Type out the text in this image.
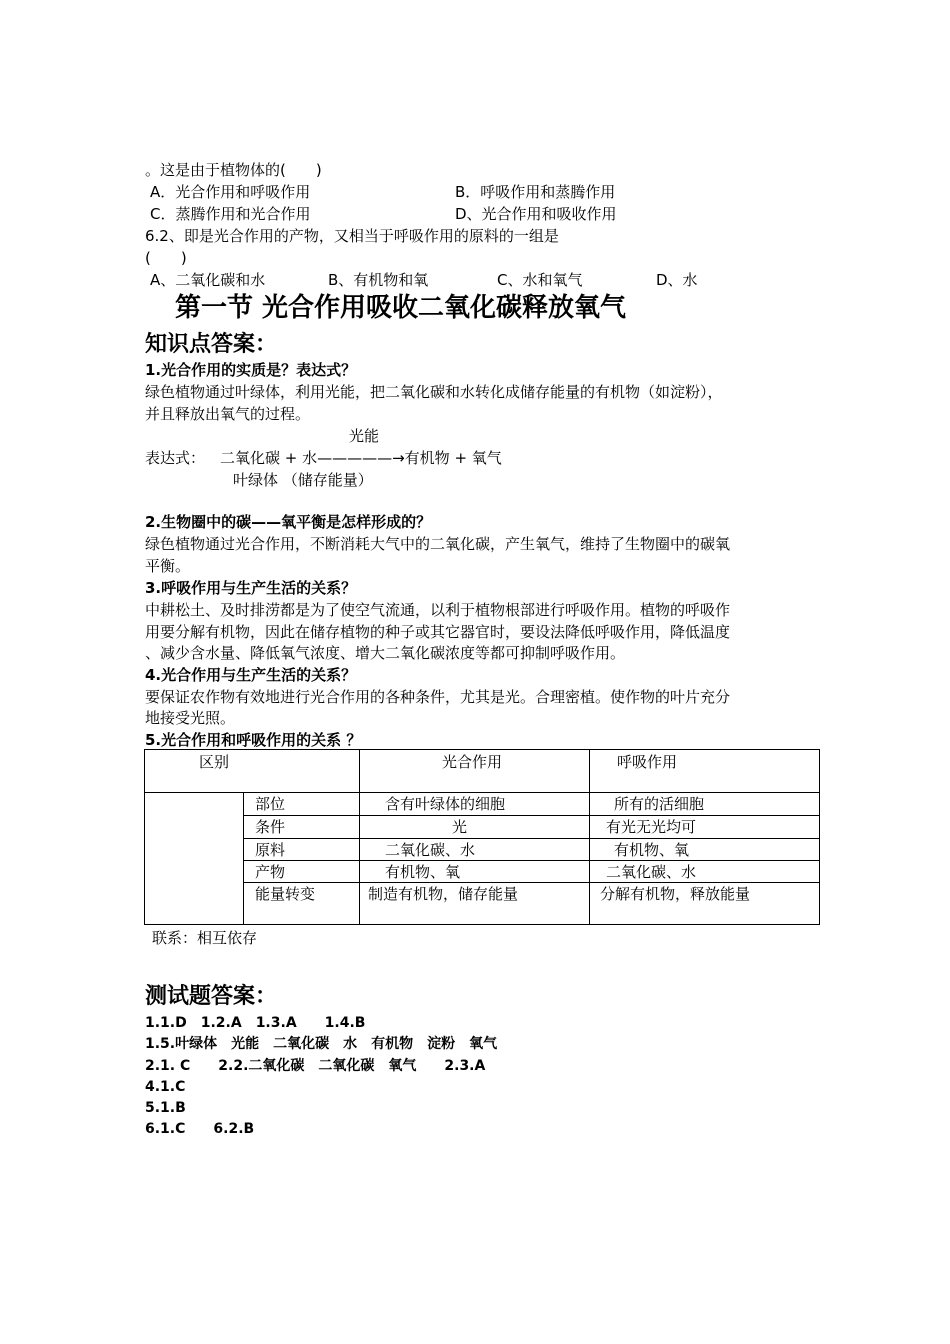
。这是由于植物体的(　　)
A．光合作用和呼吸作用	B．呼吸作用和蒸腾作用
C．蒸腾作用和光合作用	D、光合作用和吸收作用
6.2、即是光合作用的产物，又相当于呼吸作用的原料的一组是
(　　)
A、二氧化碳和水	B、有机物和氧	C、水和氧气	D、水
第一节 光合作用吸收二氧化碳释放氧气
知识点答案：
1.光合作用的实质是？表达式？
绿色植物通过叶绿体，利用光能，把二氧化碳和水转化成储存能量的有机物（如淀粉），
并且释放出氧气的过程。
光能
表达式： 二氧化碳 + 水—————→有机物 + 氧气
叶绿体 （储存能量）
2.生物圈中的碳——氧平衡是怎样形成的？
绿色植物通过光合作用，不断消耗大气中的二氧化碳，产生氧气，维持了生物圈中的碳氧
平衡。
3.呼吸作用与生产生活的关系？
中耕松土、及时排涝都是为了使空气流通，以利于植物根部进行呼吸作用。植物的呼吸作
用要分解有机物，因此在储存植物的种子或其它器官时，要设法降低呼吸作用，降低温度
、减少含水量、降低氧气浓度、增大二氧化碳浓度等都可抑制呼吸作用。
4.光合作用与生产生活的关系？
要保证农作物有效地进行光合作用的各种条件，尤其是光。合理密植。使作物的叶片充分
地接受光照。
5.光合作用和呼吸作用的关系 ？
区别	光合作用	呼吸作用
部位	含有叶绿体的细胞	所有的活细胞
条件	光	有光无光均可
原料	二氧化碳、水	有机物、氧
产物	有机物、氧	二氧化碳、水
能量转变	制造有机物，储存能量	分解有机物，释放能量
联系：相互依存
测试题答案：
1.1.D　1.2.A　1.3.A　　1.4.B
1.5.叶绿体　光能　二氧化碳　水　有机物　淀粉　氧气
2.1. C　　2.2.二氧化碳　二氧化碳　氧气　　2.3.A
4.1.C
5.1.B
6.1.C　　6.2.B
